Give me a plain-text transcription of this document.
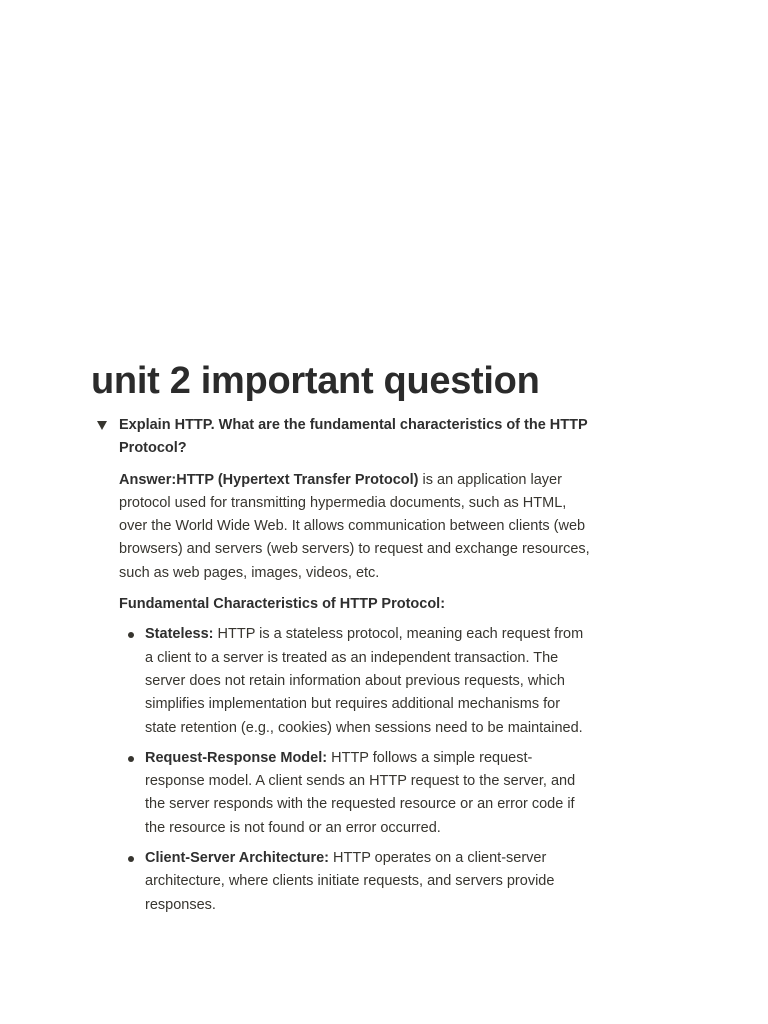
unit 2 important question
Explain HTTP. What are the fundamental characteristics of the HTTP Protocol?

Answer:HTTP (Hypertext Transfer Protocol) is an application layer protocol used for transmitting hypermedia documents, such as HTML, over the World Wide Web. It allows communication between clients (web browsers) and servers (web servers) to request and exchange resources, such as web pages, images, videos, etc.

Fundamental Characteristics of HTTP Protocol:

Stateless: HTTP is a stateless protocol, meaning each request from a client to a server is treated as an independent transaction. The server does not retain information about previous requests, which simplifies implementation but requires additional mechanisms for state retention (e.g., cookies) when sessions need to be maintained.
Request-Response Model: HTTP follows a simple request-response model. A client sends an HTTP request to the server, and the server responds with the requested resource or an error code if the resource is not found or an error occurred.
Client-Server Architecture: HTTP operates on a client-server architecture, where clients initiate requests, and servers provide responses.
